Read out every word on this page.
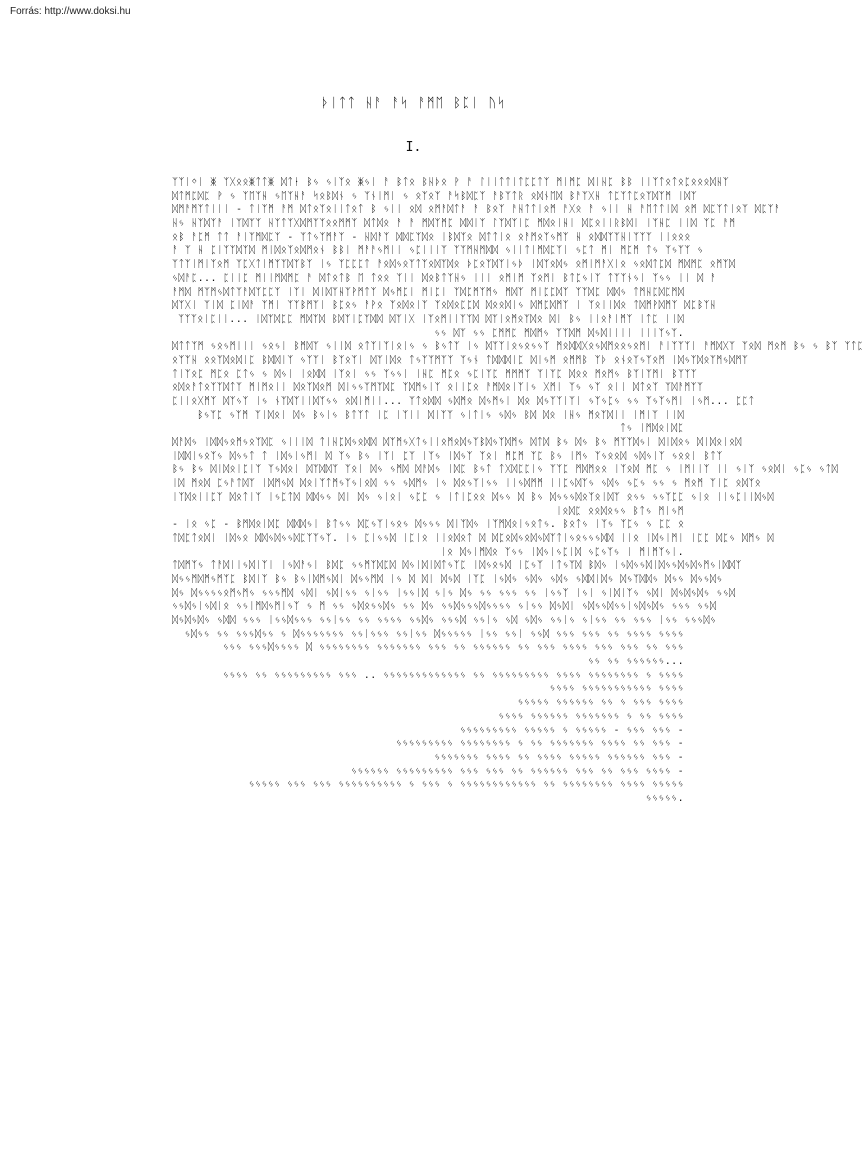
Forrás: http://www.doksi.hu
ᚦᛁᛏᛏ ᚺᚨ ᚨᛋ ᚨᛗᛖ ᛒᛈᛁ ᚢᛋ
I.
ᛉᛉᛁᛜᛁ ᛤ ᛉᚷᛟᛟᛤᛏᛏᛤ ᛞᛏᛂ ᛒᛃ ᛃᛁᛉᛟ ᛤᛃᛁ ᚨ ᛒᛏᛟ ᛒᚺᚦᛟ ᚹ ᚨ ᛚᛁᛁᛏᛏᛁᛏᛈᛈᛏᛉ ᛗᛁᛗᛈ ᛞᛁᚺᛈ ᛒᛒ ᛁᛁᛉᛏᛟᛏᛟᛈᛟᛟᛟᛞᚺᛉ
ᛞᛏᛗᛈᛞᛈ ᚹ ᛃ ᛉᛖᛉᚺ ᛃᛖᛉᚺᚨ ᛋᛟᛒᛞᚾ ᛃ ᛉᚾᛁᛗᛁ ᛃ ᛟᛉᛟᛉ ᚨᛋᛒᛞᛈᛉ ᚨᛒᛉᛏᚱ ᛟᛞᚾᛖᛞ ᛒᚨᛉᚷᚺ ᛏᛈᛉᛏᛈᛟᛉᛞᛉᛗ ᛁᛞᛉ
ᛞᛗᚨᛗᛉᛏᛁᛁᛁ - ᛏᛁᛉᛗ ᚨᛗ ᛞᛏᛟᛉᛟᛁᛁᛏᛟᛏ ᛒ ᛃᛁᛁ ᛟᛞ ᛟᛗᚨᛞᛏᚨ ᚨ ᛒᛟᛉ ᚨᚺᛏᛏᛁᛟᛗ ᚨᚷᛟ ᚨ ᛃᛁᛁ ᚺ ᚨᛖᛏᛏᛁᛞ ᛟᛗ ᛞᛈᛉᛏᛁᛟᛉ ᛞᛈᛉᚨ
ᚺᛃ ᚺᛉᛞᛉᚨ ᛁᛉᛞᛉᛉ ᚺᛉᛏᛉᚷᛞᛗᛉᛉᛟᛟᛗᛗᛉ ᛞᛏᛞᛟ ᚨ ᚨ ᛗᛞᛉᛗᛈ ᛞᛞᛁᛉ ᛚᛉᛞᛉᛁᛈ ᛗᛞᛟᛁᚺᛁ ᛞᛈᛟᛁᛁᚱᛒᛞᛁ ᛁᛉᚺᛈ ᛁᛁᛞ ᛉᛈ ᚨᛗ
ᛟᛒ ᚨᛈᛗ ᛏᛏ ᚨᛁᛉᛗᛞᛈᛉ - ᛉᛏᛃᛉᛗᚨᛉ - ᚺᛞᚨᛉ ᛞᛞᛈᛉᛞᛟ ᛁᛒᛞᛉᛟ ᛞᛏᛏᛁᛟ ᛟᚨᛗᛟᛉᛃᛗᛉ ᚺ ᛟᛞᛞᛉᛉᚺᛁᛉᛉᛉ ᛁᛁᛟᛟᛟ
ᚨ ᛉ ᚺ ᛈᛁᛉᛉᛞᛉᛞ ᛗᛁᛞᛟᛉᛟᛞᛗᛟᚾ ᛒᛒᛁ ᛗᚨᚨᛃᛗᛁᛁ ᛃᛈᛁᛁᛁᛉ ᛉᛉᛗᚺᛗᛞᛞ ᛃᛁᛁᛏᛁᛗᛞᛈᛉᛁ ᛃᛈᛏ ᛗᛁ ᛗᛈᛗ ᛏᛃ ᛉᛃᛉᛉ ᛃ
ᛉᛏᛉᛁᛗᛁᛉᛟᛗ ᛉᛈᚷᛏᛁᛗᛉᛉᛞᛉᛒᛉ ᛁᛃ ᛉᛈᛈᛈᛏ ᚨᛟᛞᛃᛟᛉᛏᛉᛟᛞᛉᛞᛟ ᚦᛈᛟᛉᛞᛉᛁᛃᚦ ᛁᛞᛉᛟᛞᛃ ᛟᛗᛁᛗᚨᚷᛁᛟ ᛃᛟᛞᛏᛈᛞ ᛗᛞᛗᛈ ᛟᛗᛉᛞ
ᛃᛞᚨᛈ... ᛈᛁᛁᛈ ᛗᛁᛁᛗᛞᛗᛈ ᚨ ᛞᛏᛟᛏᛒ ᛖ ᛏᛟᛟ ᛉᛁᛁ ᛞᛟᛒᛏᛉᚺᛃ ᛁᛁᛁ ᛟᛗᛁᛗ ᛉᛟᛗᛁ ᛒᛏᛈᛃᛁᛉ ᛏᛉᛉᚾᛃᛁ ᛉᛃᛃ ᛁᛁ ᛞ ᚨ
ᚨᛗᛞ ᛗᛉᛗᛃᛞᛏᛉᚨᛞᛉᛈᛈᛉ ᛁᛉᛁ ᛞᛁᛞᛉᚺᛉᚹᛗᛏᛉ ᛞᛃᛗᛈᛁ ᛗᛁᛈᛁ ᛉᛞᛈᛗᛉᛗᛃ ᛗᛞᛉ ᛗᛁᛈᛈᛞᛉ ᛉᛉᛞᛈ ᛞᛞᛃ ᛏᛗᚺᛈᛞᛈᛗᛞ
ᛞᛉᚷᛁ ᛉᛁᛞ ᛈᛁᛞᚨ ᛉᛗᛁ ᛉᛉᛒᛗᛉᛁ ᛒᛈᛟᛃ ᚨᚹᛟ ᛉᛟᛞᛟᛁᛉ ᛉᛟᛞᛟᛈᛈᛞ ᛞᛟᛟᛞᛁᛃ ᛞᛗᛈᛞᛗᛉ ᛁ ᛉᛟᛁᛁᛞᛟ ᛏᛞᛗᚹᛞᛗᛉ ᛞᛈᛒᛉᚺ
ᛉᛉᛉᛟᛁᛈᛁᛁ... ᛁᛞᛉᛞᛈᛈ ᛗᛞᛉᛞ ᛒᛞᛉᛁᛈᛉᛞᛞ ᛞᛉᛁᚷ ᛁᛉᛟᛗᛁᛁᛉᛉᛞ ᛞᛉᛁᛟᛗᛟᛉᛞᛟ ᛞᛁ ᛒᛃ ᛁᛁᛟᚨᛁᛗᛉ ᛁᛏᛈ ᛁᛁᛞ
ᛃᛃ ᛞᛉ ᛃᛃ ᛈᛗᛗᛈ ᛗᛞᛗᛃ ᛉᛉᛞᛗ ᛞᛃᛞᛁᛁᛁᛁ ᛁᛁᛁᛉᛃᛉ.
ᛞᛏᛏᛉᛗ ᛃᛟᛃᛗᛁᛁᛁ ᛃᛟᛃᛁ ᛒᛗᛞᛉ ᛃᛁᛁᛞ ᛟᛏᛉᛁᛉᛁᛟᛁᛃ ᛃ ᛒᛃᛏᛉ ᛁᛃ ᛞᛉᛉᛁᛟᛃᛟᛃᛃᛉ ᛗᛟᛞᛞᚷᛟᛃᛞᛗᛟᛟᛃᛟᛗᛁ ᚨᛁᛉᛉᛉᛁ ᚨᛗᛞᚷᛉ ᛉᛟᛞ ᛗᛟᛗ ᛒᛃ ᛃ ᛒᛉ ᛉᛏᛈ
ᛟᛉᛉᚺ ᛟᛟᛉᛞᛟᛞᛁᛈ ᛒᛞᛞᛁᛉ ᛃᛉᛉᛁ ᛒᛉᛟᛉᛁ ᛞᛉᛁᛞᛟ ᛏᛃᛉᛉᛗᛉᛉ ᛉᛃᚾ ᛏᛞᛞᛞᛁᛈ ᛞᛁᛃᛗ ᛟᛗᛗᛒ ᛉᚦ ᛟᚾᛟᛉᛃᛉᛟᛗ ᛁᛞᛃᛉᛞᛟᛉᛗᛃᛞᛗᛉ
ᛏᛁᛉᛟᛈ ᛗᛈᛟ ᛈᛏᛃ ᛃ ᛞᛃᛁ ᛁᛟᛞᛞ ᛁᛉᛟᛁ ᛃᛃ ᛉᛃᛃᛁ ᛁᚺᛈ ᛗᛈᛟ ᛃᛈᛁᛉᛈ ᛗᛗᛗᛉ ᛉᛁᛉᛈ ᛞᛟᛟ ᛗᛟᛗᛃ ᛒᛉᛁᛉᛗᛁ ᛒᛉᛉᛉ
ᛟᛞᛟᚨᛏᛟᛉᛉᛞᛏᛉ ᛗᛁᛗᛟᛁᛁ ᛞᛟᛉᛞᛟᛗ ᛞᛁᛃᛃᛉᛗᛉᛞᛈ ᛉᛞᛗᛃᛁᛉ ᛟᛁᛁᛈᛟ ᚨᛗᛞᛟᛁᛉᛁᛃ ᚷᛗᛁ ᛉᛃ ᛃᛉ ᛟᛁᛁ ᛞᛏᛟᛉ ᛉᛞᚨᛗᛉᛉ
ᛈᛁᛁᛟᚷᛗᛉ ᛞᛉᛃᛉ ᛁᛃ ᚾᛉᛞᛉᛁᛁᛞᛉᛃᛃ ᛟᛞᛁᛗᛁᛁ... ᛉᛏᛟᛞᛞ ᛃᛞᛗᛟ ᛞᛃᛗᛃᛁ ᛞᛟ ᛞᛃᛉᛉᛁᛉᛁ ᛃᛉᛃᛈᛃ ᛃᛃ ᛉᛃᛉᛃᛗᛁ ᛁᛃᛗ... ᛈᛈᛏ
ᛒᛃᛉᛈ ᛃᛉᛗ ᛉᛁᛞᛟᛁ ᛞᛃ ᛒᛃᛁᛃ ᛒᛏᛉᛏ ᛁᛈ ᛁᛉᛁᛁ ᛞᛁᛉᛉ ᛃᛁᛏᛁᛃ ᛃᛞᛃ ᛒᛞ ᛞᛟ ᛁᚺᛃ ᛗᛟᛉᛞᛁᛁ ᛁᛗᛁᛉ ᛁᛁᛞ
ᛏᛃ ᛁᛗᛞᛟᛁᛞᛈ
ᛞᚨᛞᛃ ᛁᛞᛞᛃᛟᛗᛃᛟᛉᛞᛈ ᛃᛁᛁᛁᛞ ᛏᛁᚺᛈᛞᛃᛟᛞᛞ ᛞᛉᛗᛃᚷᛏᛃᛁᛁᛟᛗᛟᛞᛃᛉᛒᛞᛃᛉᛞᛗᛃ ᛞᛏᛞ ᛒᛃ ᛞᛃ ᛒᛃ ᛗᛉᛉᛞᛃᛁ ᛞᛁᛞᛟᛃ ᛞᛁᛞᛟᛁᛟᛞ
ᛁᛞᛞᛁᛃᛟᛉᛃ ᛞᛃᛃᛏ ᛏ ᛁᛞᛃᛁᛃᛗᛁ ᛞ ᛉᛃ ᛒᛃ ᛁᛉᛁ ᛈᛉ ᛁᛉᛃ ᛁᛞᛃᛉ ᛉᛟᛁ ᛗᛈᛗ ᛉᛈ ᛒᛃ ᛁᛗᛃ ᛉᛃᛟᛟᛞ ᛃᛞᛃᛁᛉ ᛃᛟᛟᛁ ᛒᛏᛉ
ᛒᛃ ᛒᛃ ᛞᛁᛞᛟᛁᛈᛁᛉ ᛉᛃᛞᛟᛁ ᛞᛉᛞᛞᛉ ᛉᛟᛁ ᛞᛃ ᛃᛗᛞ ᛞᚨᛞᛃ ᛁᛞᛈ ᛒᛃᛏ ᛏᚷᛞᛈᛈᛁᛃ ᛉᛉᛈ ᛗᛞᛗᛟᛟ ᛁᛉᛟᛞ ᛗᛈ ᛃ ᛁᛗᛁᛁᛉ ᛁᛁ ᛃᛁᛉ ᛃᛟᛞᛁ ᛃᛈᛃ ᛃᛏᛞ
ᛁᛞ ᛗᛟᛞ ᛈᛃᚨᛏᛞᛉ ᛁᛞᛗᛃᛞ ᛞᛟᛁᛉᛏᛗᛃᛉᛃᛁᛟᛞ ᛃᛃ ᛃᛞᛗᛃ ᛁᛃ ᛞᛟᛃᛉᛁᛃᛃ ᛁᛁᛃᛞᛗᛗ ᛁᛁᛈᛃᛞᛉᛃ ᛃᛞᛃ ᛃᛈᛃ ᛃᛃ ᛃ ᛗᛟᛗ ᛉᛁᛈ ᛟᛞᛉᛟ
ᛁᛉᛞᛟᛁᛁᛈᛉ ᛞᛟᛏᛁᛉ ᛁᛃᛈᛏᛞ ᛞᛞᛃᛃ ᛞᛁ ᛞᛃ ᛃᛁᛟᛁ ᛃᛈᛈ ᛃ ᛁᛏᛁᛈᛟᛟ ᛞᛃᛃ ᛞ ᛒᛃ ᛞᛃᛃᛃᛞᛟᛉᛟᛁᛞᛉ ᛟᛃᛃ ᛃᛃᛉᛈᛈ ᛃᛁᛟ ᛁᛁᛃᛈᛁᛁᛞᛃᛞ
ᛁᛟᛞᛈ ᛟᛟᛞᛟᛃᛃ ᛒᛏᛃ ᛗᛁᛃᛗ
- ᛁᛟ ᛃᛈ - ᛒᛗᛞᛟᛁᛞᛈ ᛞᛞᛞᛃᛁ ᛒᛏᛃᛃ ᛞᛈᛃᛉᛁᛃᛟᛃ ᛞᛃᛃᛃ ᛞᛁᛉᛞᛃ ᛁᛉᛗᛞᛟᛁᛃᛟᛏᛃ. ᛒᛟᛏᛃ ᛁᛉᛃ ᛉᛈᛃ ᛃ ᛈᛈ ᛟ
ᛏᛞᛈᛏᛟᛞᛁ ᛁᛞᛃᛟ ᛞᛞᛃᛞᛃᛃᛞᛈᛉᛉᛃᛉ. ᛁᛃ ᛈᛁᛃᛃᛞ ᛁᛈᛁᛟ ᛁᛁᛟᛞᛟᛏ ᛞ ᛞᛈᛟᛞᛃᛟᛞᛃᛞᛉᛏᛁᛃᛟᛃᛃᛃᛞᛞ ᛁᛁᛟ ᛁᛞᛃᛁᛗᛁ ᛁᛈᛈ ᛞᛈᛃ ᛞᛗᛃ ᛞ
ᛁᛟ ᛞᛃᛁᛗᛞᛟ ᛉᛃᛃ ᛁᛞᛃᛁᛃᛈᛁᛞ ᛃᛈᛃᛉᛃ ᛁ ᛗᛁᛗᛉᛃᛁ.
ᛏᛞᛗᛉᛃ ᛏᚨᛞᛁᛁᛃᛞᛁᛉᛁ ᛁᛃᛞᚨᛃᛁ ᛒᛞᛈ ᛃᛃᛗᛉᛞᛈᛞ ᛞᛃᛁᛞᛁᛞᛏᛃᛉᛈ ᛁᛞᛃᛟᛃᛞ ᛁᛈᛃᛉ ᛁᛏᛃᛉᛞ ᛒᛞᛃ ᛁᛃᛞᛃᛃᛞᛁᛞᛃᛃᛞᛃᛞᛃᛗᛃᛁᛞᛞᛉ
ᛞᛃᛃᛗᛞᛗᛃᛗᛉᛈ ᛒᛞᛁᛉ ᛒᛃ ᛒᛃᛁᛞᛗᛃᛞᛁ ᛞᛃᛃᛗᛞ ᛁᛃ ᛞ ᛞᛁ ᛞᛃᛞ ᛁᛉᛈ ᛁᛃᛞᛃ ᛃᛞᛃ ᛃᛞᛃ ᛃᛞᛞᛁᛞᛃ ᛞᛃᛉᛞᛞᛃ ᛞᛃᛃ ᛞᛃᛃᛞᛃ
ᛞᛃ ᛞᛃᛃᛃᛃᛟᛗᛃᛗᛃ ᛃᛃᛃᛗᛞ ᛃᛞᛁ ᛃᛞᛁᛃᛃ ᛃᛁᛃᛃ ᛁᛃᛃᛁᛞ ᛃᛁᛃ ᛞᛃ ᛃᛃ ᛃᛃᛃ ᛃᛃ ᛁᛃᛃᛉ ᛁᛃᛁ ᛃᛁᛞᛁᛉᛃ ᛃᛞᛁ ᛞᛃᛞᛃᛞᛃ ᛃᛃᛞ
ᛃᛃᛞᛃᛁᛃᛞᛁᛟ ᛃᛃᛁᛗᛞᛃᛗᛁᛃᛉ ᛃ ᛗ ᛃᛃ ᛃᛞᛟᛃᛃᛞᛃ ᛃᛃ ᛞᛃ ᛃᛃᛞᛃᛃᛃᛞᛃᛃᛃᛃ ᛃᛁᛃᛃ ᛞᛃᛞᛁ ᛃᛞᛃᛃᛞᛃᛃᛁᛃᛞᛃᛞᛃ ᛃᛃᛃ ᛃᛃᛞ
ᛞᛃᛞᛃᛞᛃ ᛃᛞᛞ ᛃᛃᛃ ᛁᛃᛃᛞᛃᛃᛃ ᛃᛃᛁᛃᛃ ᛃᛃ ᛃᛃᛃᛃ ᛃᛃᛞᛃ ᛃᛃᛃᛞ ᛃᛃᛁᛃ ᛃᛞ ᛃᛞᛃ ᛃᛃᛁᛃ ᛃᛁᛃᛃ ᛃᛃ ᛃᛃᛃ ᛁᛃᛃ ᛃᛃᛃᛞᛃ
ᛃᛞᛃᛃ ᛃᛃ ᛃᛃᛃᛞᛃᛃ ᛃ ᛞᛃᛃᛃᛃᛃᛃᛃ ᛃᛃᛁᛃᛃᛃ ᛃᛃᛁᛃᛃ ᛞᛃᛃᛃᛃᛃ ᛁᛃᛃ ᛃᛃᛁ ᛃᛃᛞ ᛃᛃᛃ ᛃᛃᛃ ᛃᛃ ᛃᛃᛃᛃ ᛃᛃᛃᛃ
ᛃᛃᛃ ᛃᛃᛃᛞᛃᛃᛃᛃ ᛞ ᛃᛃᛃᛃᛃᛃᛃᛃ ᛃᛃᛃᛃᛃᛃᛃ ᛃᛃᛃ ᛃᛃ ᛃᛃᛃᛃᛃᛃ ᛃᛃ ᛃᛃᛃ ᛃᛃᛃᛃ ᛃᛃᛃ ᛃᛃᛃ ᛃᛃ ᛃᛃᛃ
ᛃᛃ ᛃᛃ ᛃᛃᛃᛃᛃᛃ...
ᛃᛃᛃᛃ ᛃᛃ ᛃᛃᛃᛃᛃᛃᛃᛃᛃ ᛃᛃᛃ .. ᛃᛃᛃᛃᛃᛃᛃᛃᛃᛃᛃᛃᛃ ᛃᛃ ᛃᛃᛃᛃᛃᛃᛃᛃᛃ ᛃᛃᛃᛃ ᛃᛃᛃᛃᛃᛃᛃᛃ ᛃ ᛃᛃᛃᛃ
ᛃᛃᛃᛃ ᛃᛃᛃᛃᛃᛃᛃᛃᛃᛃᛃ ᛃᛃᛃᛃ
ᛃᛃᛃᛃᛃ ᛃᛃᛃᛃᛃᛃ ᛃᛃ ᛃ ᛃᛃᛃ ᛃᛃᛃᛃ
ᛃᛃᛃᛃ ᛃᛃᛃᛃᛃᛃ ᛃᛃᛃᛃᛃᛃᛃ ᛃ ᛃᛃ ᛃᛃᛃᛃ
ᛃᛃᛃᛃᛃᛃᛃᛃᛃ ᛃᛃᛃᛃᛃ ᛃ ᛃᛃᛃᛃᛃ - ᛃᛃᛃ ᛃᛃᛃ -
ᛃᛃᛃᛃᛃᛃᛃᛃᛃ ᛃᛃᛃᛃᛃᛃᛃᛃ ᛃ ᛃᛃ ᛃᛃᛃᛃᛃᛃᛃ ᛃᛃᛃᛃ ᛃᛃ ᛃᛃᛃ -
ᛃᛃᛃᛃᛃᛃᛃ ᛃᛃᛃᛃ ᛃᛃ ᛃᛃᛃᛃ ᛃᛃᛃᛃᛃ ᛃᛃᛃᛃᛃᛃ ᛃᛃᛃ -
ᛃᛃᛃᛃᛃᛃ ᛃᛃᛃᛃᛃᛃᛃᛃᛃ ᛃᛃᛃ ᛃᛃᛃ ᛃᛃ ᛃᛃᛃᛃᛃᛃ ᛃᛃᛃ ᛃᛃ ᛃᛃᛃ ᛃᛃᛃᛃ -
ᛃᛃᛃᛃᛃ ᛃᛃᛃ ᛃᛃᛃ ᛃᛃᛃᛃᛃᛃᛃᛃᛃᛃ ᛃ ᛃᛃᛃ ᛃ ᛃᛃᛃᛃᛃᛃᛃᛃᛃᛃᛃᛃ ᛃᛃ ᛃᛃᛃᛃᛃᛃᛃᛃ ᛃᛃᛃᛃ ᛃᛃᛃᛃᛃ
ᛃᛃᛃᛃᛃ.
